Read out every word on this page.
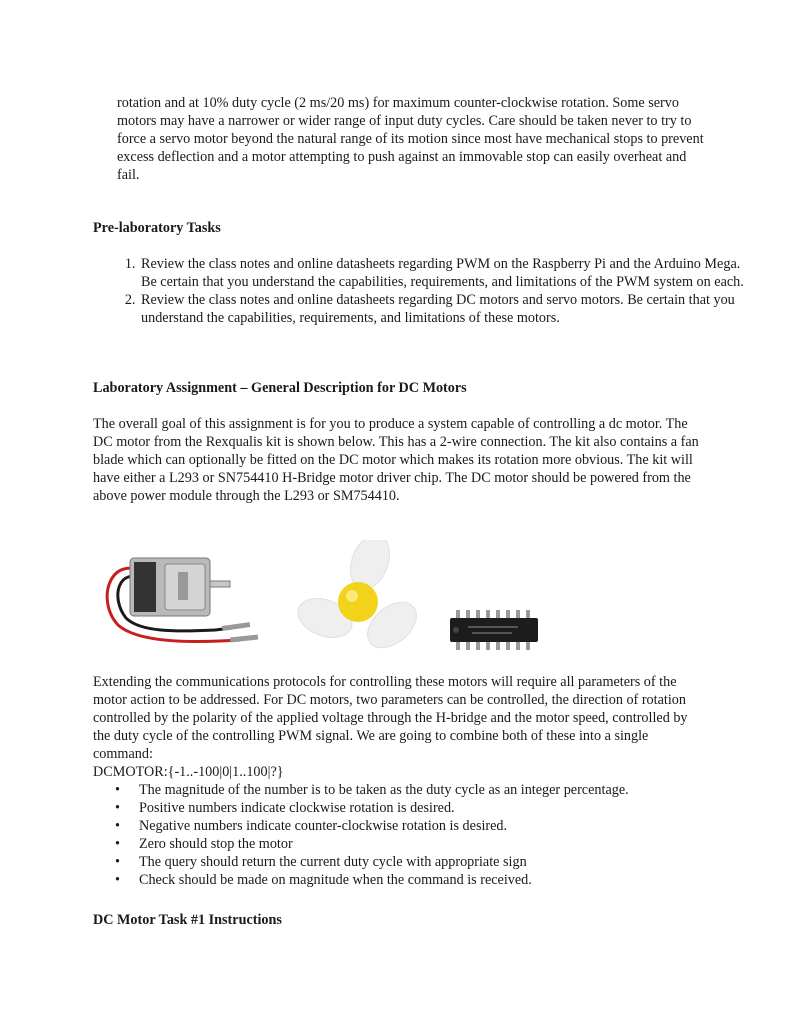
rotation and at 10% duty cycle (2 ms/20 ms) for maximum counter-clockwise rotation. Some servo motors may have a narrower or wider range of input duty cycles. Care should be taken never to try to force a servo motor beyond the natural range of its motion since most have mechanical stops to prevent excess deflection and a motor attempting to push against an immovable stop can easily overheat and fail.

Pre-laboratory Tasks
1. Review the class notes and online datasheets regarding PWM on the Raspberry Pi and the Arduino Mega. Be certain that you understand the capabilities, requirements, and limitations of the PWM system on each.
2. Review the class notes and online datasheets regarding DC motors and servo motors. Be certain that you understand the capabilities, requirements, and limitations of these motors.
Laboratory Assignment – General Description for DC Motors

The overall goal of this assignment is for you to produce a system capable of controlling a dc motor. The DC motor from the Rexqualis kit is shown below. This has a 2-wire connection. The kit also contains a fan blade which can optionally be fitted on the DC motor which makes its rotation more obvious. The kit will have either a L293 or SN754410 H-Bridge motor driver chip. The DC motor should be powered from the above power module through the L293 or SM754410.

Extending the communications protocols for controlling these motors will require all parameters of the motor action to be addressed. For DC motors, two parameters can be controlled, the direction of rotation controlled by the polarity of the applied voltage through the H-bridge and the motor speed, controlled by the duty cycle of the controlling PWM signal. We are going to combine both of these into a single command:

DCMOTOR:{-1..-100|0|1..100|?}

• The magnitude of the number is to be taken as the duty cycle as an integer percentage.
• Positive numbers indicate clockwise rotation is desired.
• Negative numbers indicate counter-clockwise rotation is desired.
• Zero should stop the motor
• The query should return the current duty cycle with appropriate sign
• Check should be made on magnitude when the command is received.
DC Motor Task #1 Instructions
